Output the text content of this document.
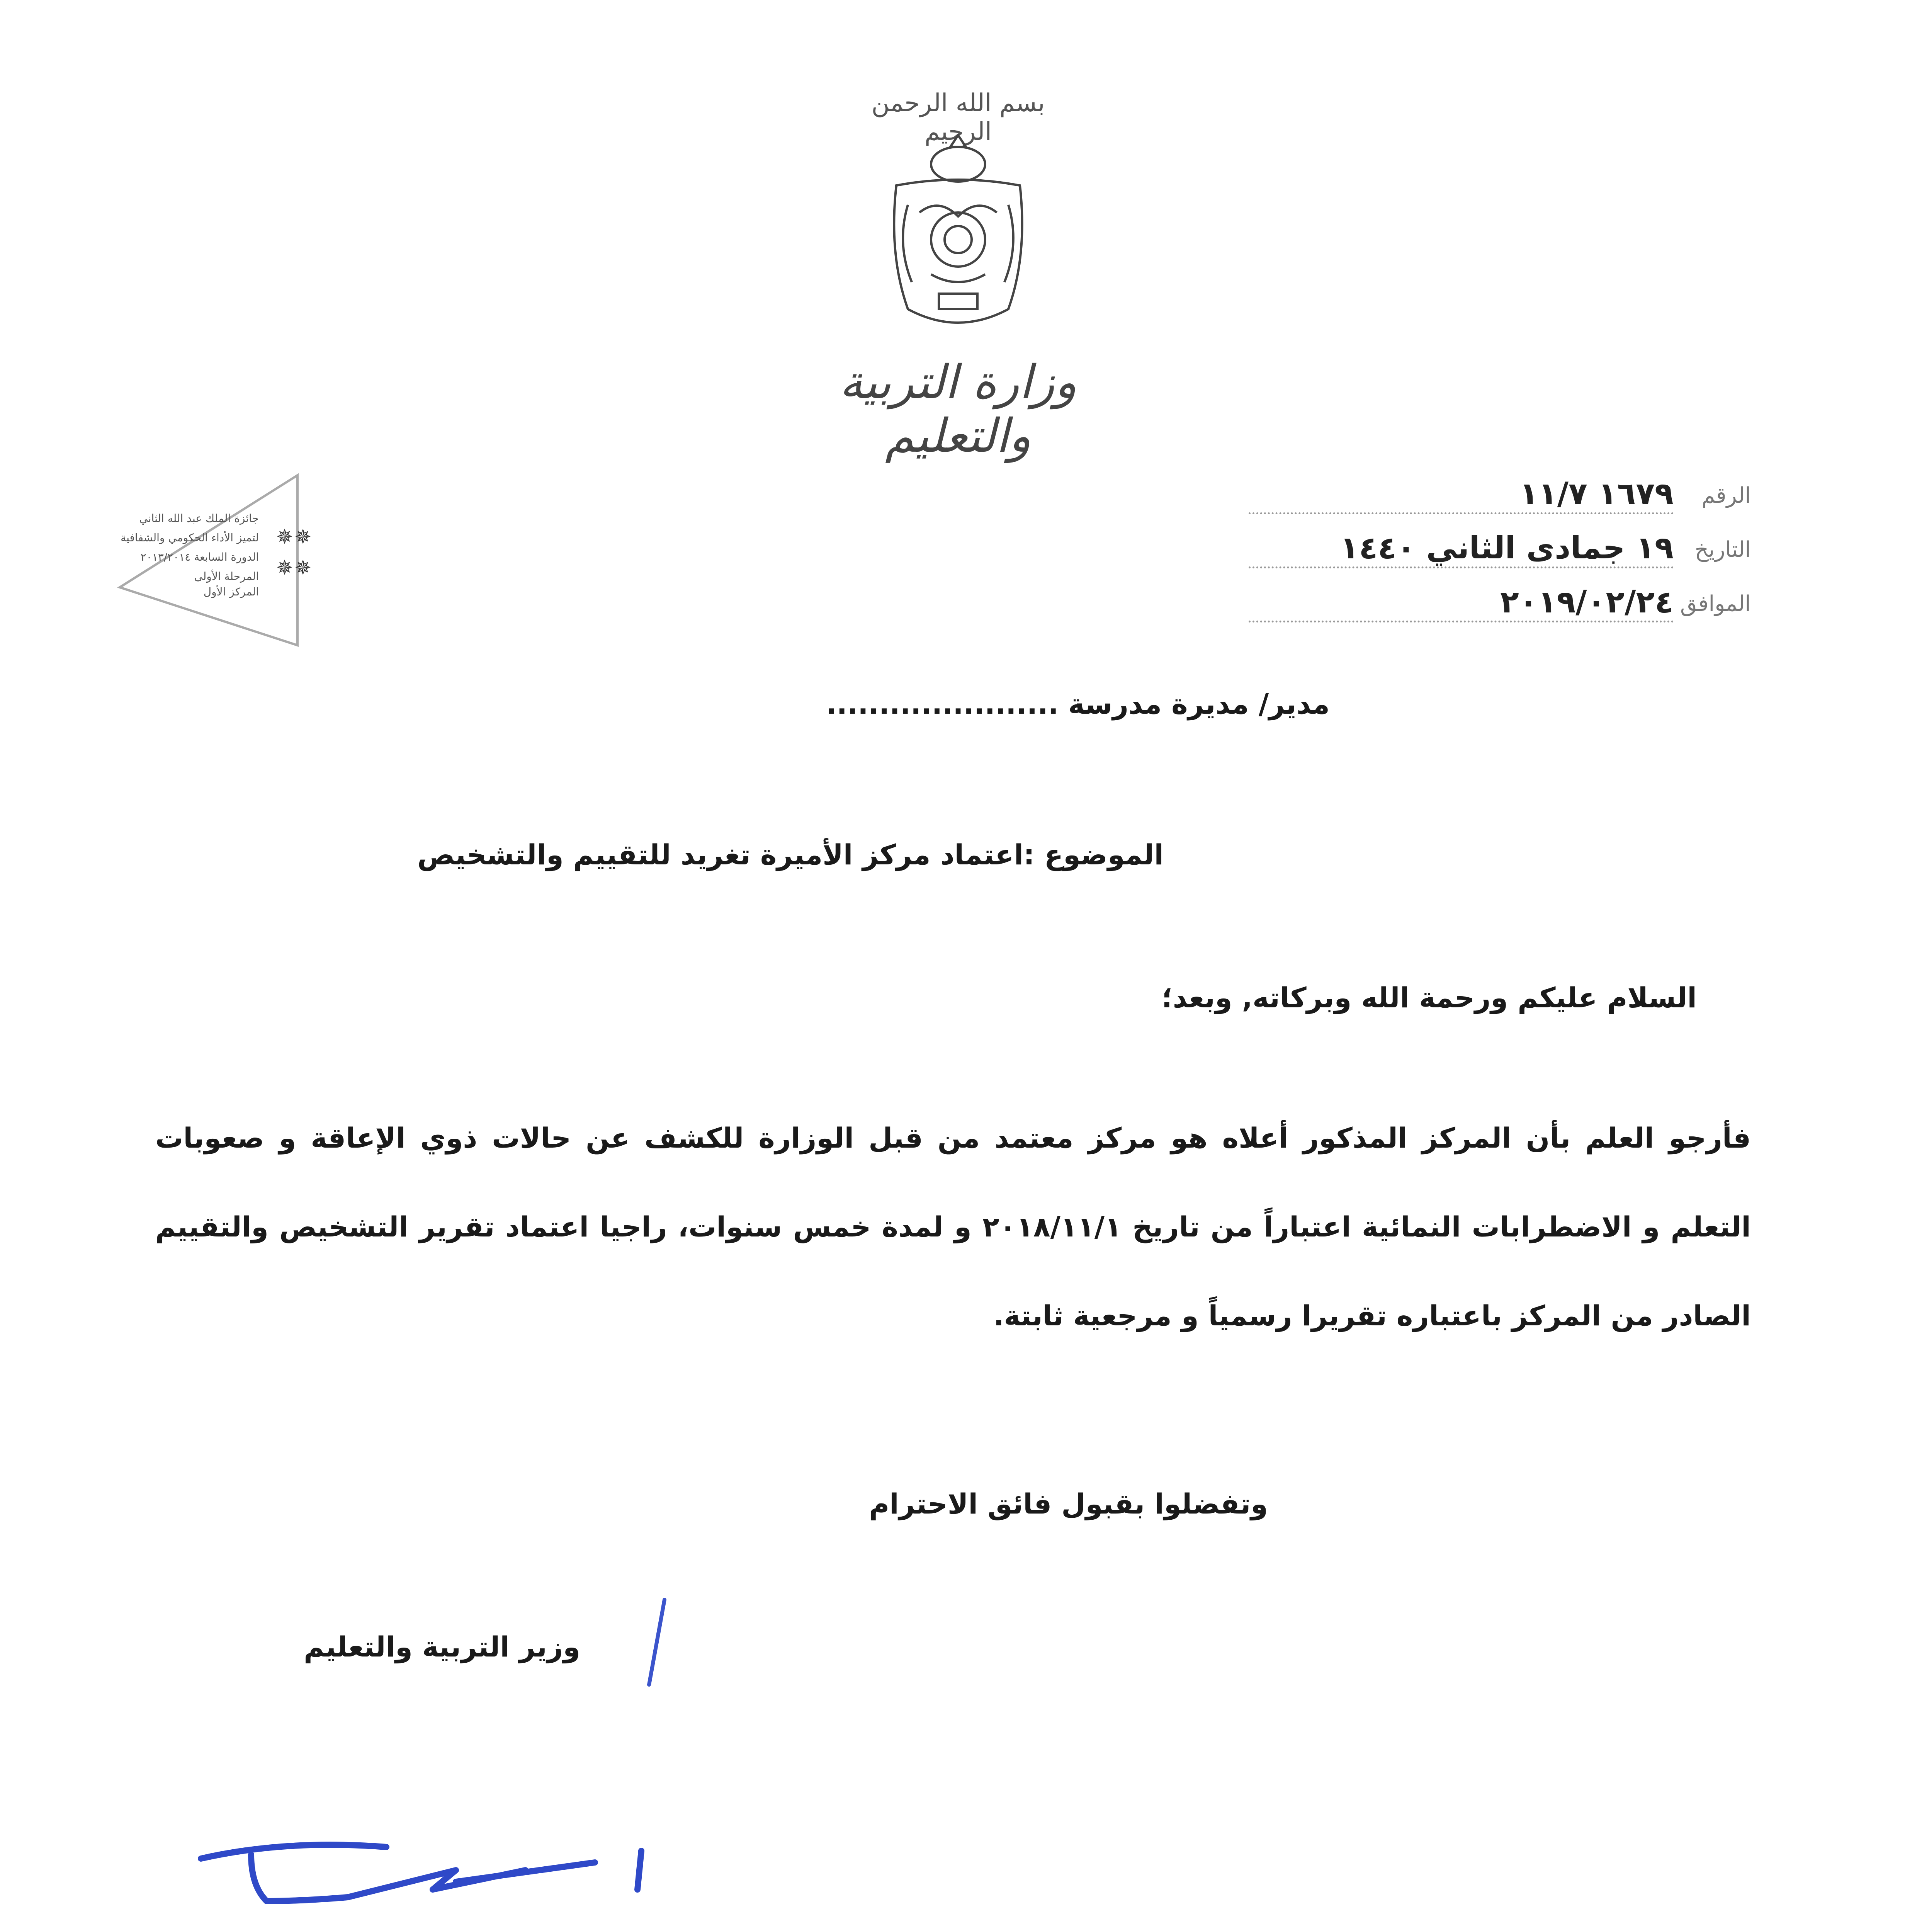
بسم الله الرحمن الرحيم
وزارة التربية والتعليم
جائزة الملك عبد الله الثاني
لتميز الأداء الحكومي والشفافية
الدورة السابعة ٢٠١٣/٢٠١٤
المرحلة الأولى
المركز الأول
✵✵
✵✵
١٦٧٩ ١١/٧ الرقم
١٩ جمادى الثاني ١٤٤٠ التاريخ
٢٠١٩/٠٢/٢٤ الموافق
مدير/ مديرة مدرسة ......................
الموضوع :اعتماد مركز الأميرة تغريد للتقييم والتشخيص
السلام عليكم ورحمة الله وبركاته, وبعد؛
فأرجو العلم بأن المركز المذكور أعلاه هو مركز معتمد من قبل الوزارة للكشف عن حالات ذوي الإعاقة و صعوبات التعلم و الاضطرابات النمائية اعتباراً من تاريخ ٢٠١٨/١١/١ و لمدة خمس سنوات، راجيا اعتماد تقرير التشخيص والتقييم الصادر من المركز باعتباره تقريرا رسمياً و مرجعية ثابتة.
وتفضلوا بقبول فائق الاحترام
وزير التربية والتعليم
